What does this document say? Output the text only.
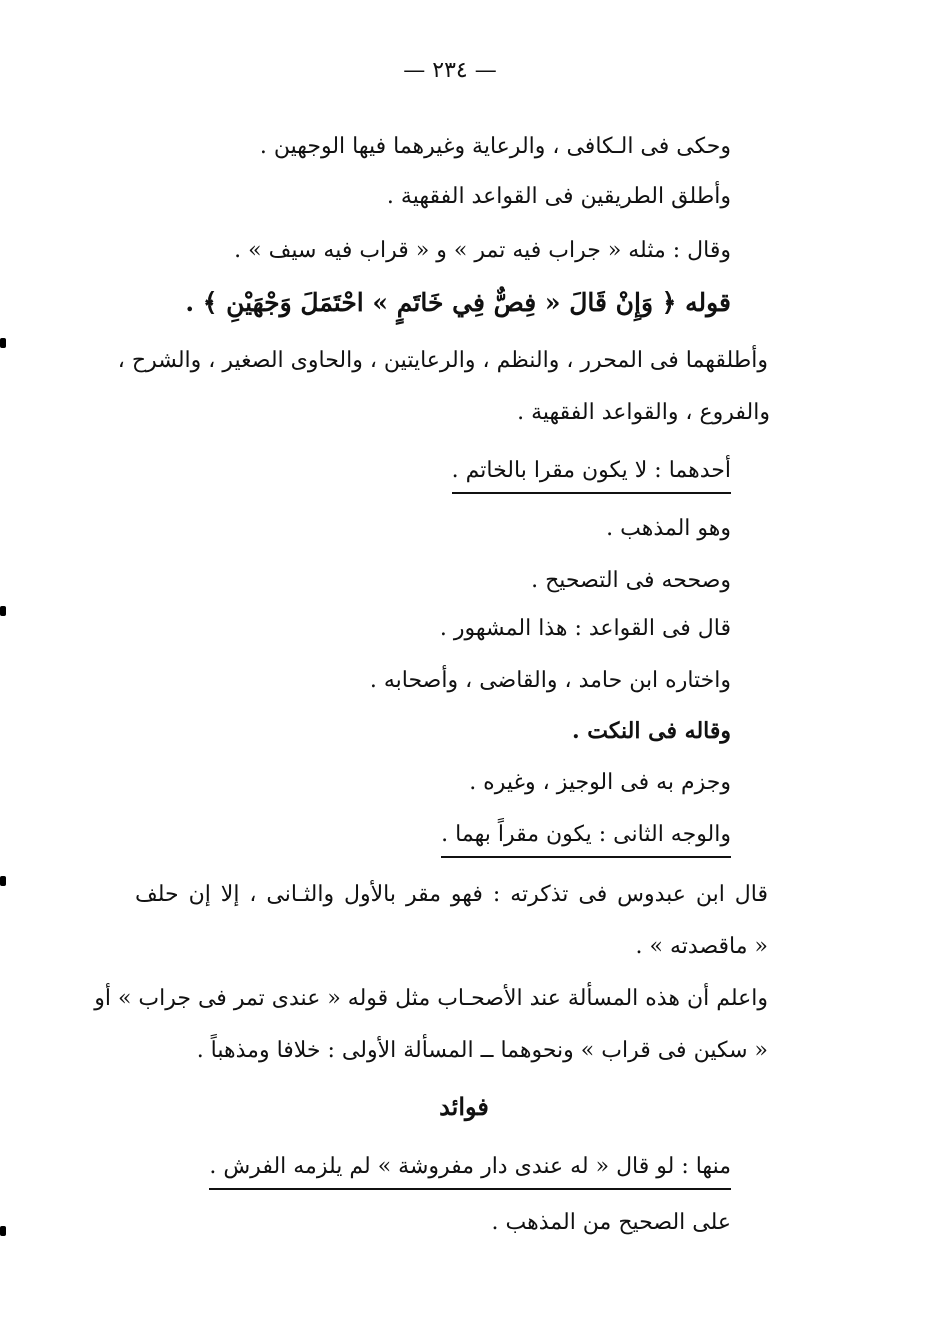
— ٢٣٤ —
وحكى فى الـكافى ، والرعاية وغيرهما فيها الوجهين .
وأطلق الطريقين فى القواعد الفقهية .
وقال : مثله « جراب فيه تمر » و « قراب فيه سيف » .
قوله ﴿ وَإِنْ قَالَ « فِصٌّ فِي خَاتَمٍ » احْتَمَلَ وَجْهَيْنِ ﴾ .
وأطلقهما فى المحرر ، والنظم ، والرعايتين ، والحاوى الصغير ، والشرح ،
والفروع ، والقواعد الفقهية .
أحدهما : لا يكون مقرا بالخاتم .
وهو المذهب .
وصححه فى التصحيح .
قال فى القواعد : هذا المشهور .
واختاره ابن حامد ، والقاضى ، وأصحابه .
وقاله فى النكت .
وجزم به فى الوجيز ، وغيره .
والوجه الثانى : يكون مقراً بهما .
قال ابن عبدوس فى تذكرته : فهو مقر بالأول والثـانى ، إلا إن حلف
« ماقصدته » .
واعلم أن هذه المسألة عند الأصحـاب مثل قوله « عندى تمر فى جراب » أو
« سكين فى قراب » ونحوهما ــ المسألة الأولى : خلافا ومذهباً .
فوائد
منها : لو قال « له عندى دار مفروشة » لم يلزمه الفرش .
على الصحيح من المذهب .
